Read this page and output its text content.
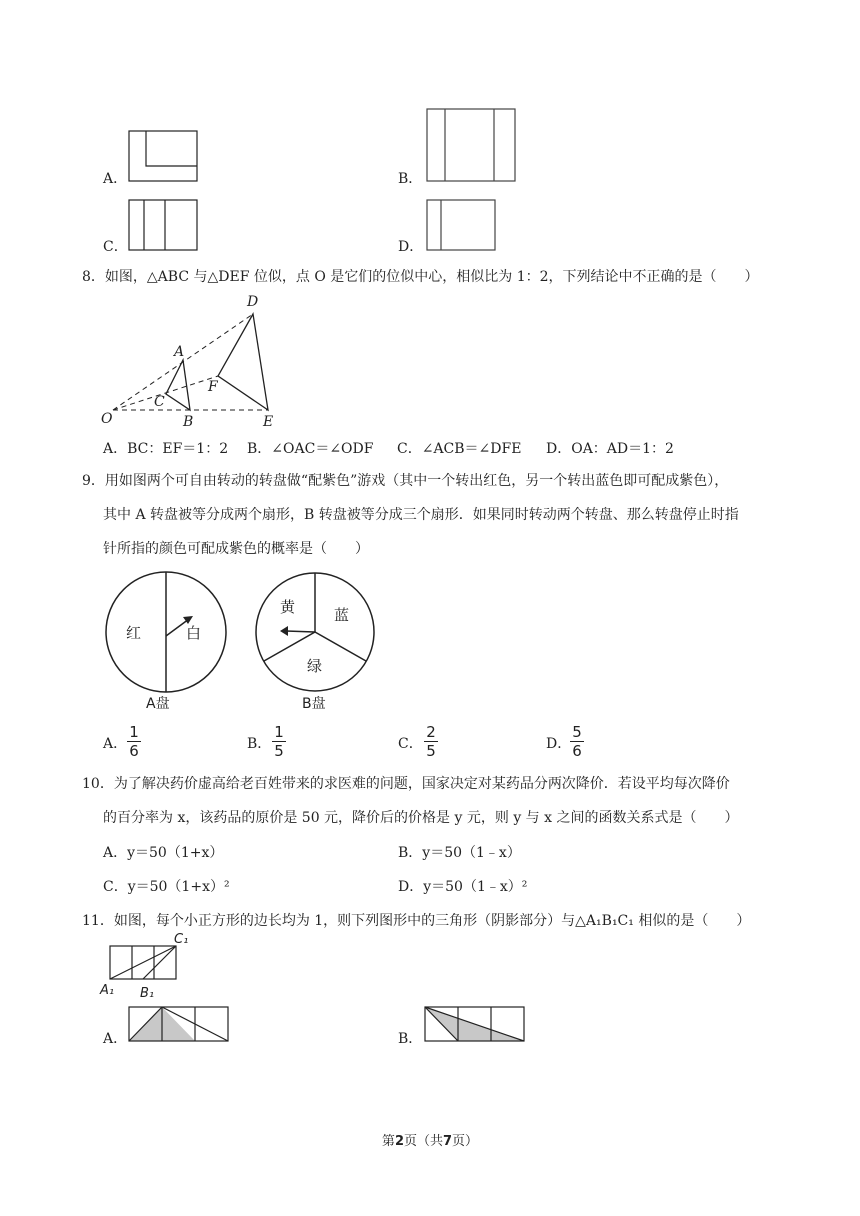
A．	B．
C．	D．
8．如图，△ABC 与△DEF 位似，点 O 是它们的位似中心，相似比为 1：2，下列结论中不正确的是（　　）
D
A
F
C
O	B	E
A．BC：EF＝1：2 B．∠OAC＝∠ODF C．∠ACB＝∠DFE D．OA：AD＝1：2
9．用如图两个可自由转动的转盘做“配紫色”游戏（其中一个转出红色，另一个转出蓝色即可配成紫色），
其中 A 转盘被等分成两个扇形，B 转盘被等分成三个扇形．如果同时转动两个转盘、那么转盘停止时指
针所指的颜色可配成紫色的概率是（　　）
红	白
A盘
黄	蓝
绿
B盘
A．
1
6	B．
1
5	C．
2
5	D．
5
6
10．为了解决药价虚高给老百姓带来的求医难的问题，国家决定对某药品分两次降价．若设平均每次降价
的百分率为 x，该药品的原价是 50 元，降价后的价格是 y 元，则 y 与 x 之间的函数关系式是（　　）
A．y＝50（1+x）	B．y＝50（1﹣x）
C．y＝50（1+x）²	D．y＝50（1﹣x）²
11．如图，每个小正方形的边长均为 1，则下列图形中的三角形（阴影部分）与△A₁B₁C₁ 相似的是（　　）
C₁
A₁ B₁
A．	B．
第2页（共7页）
